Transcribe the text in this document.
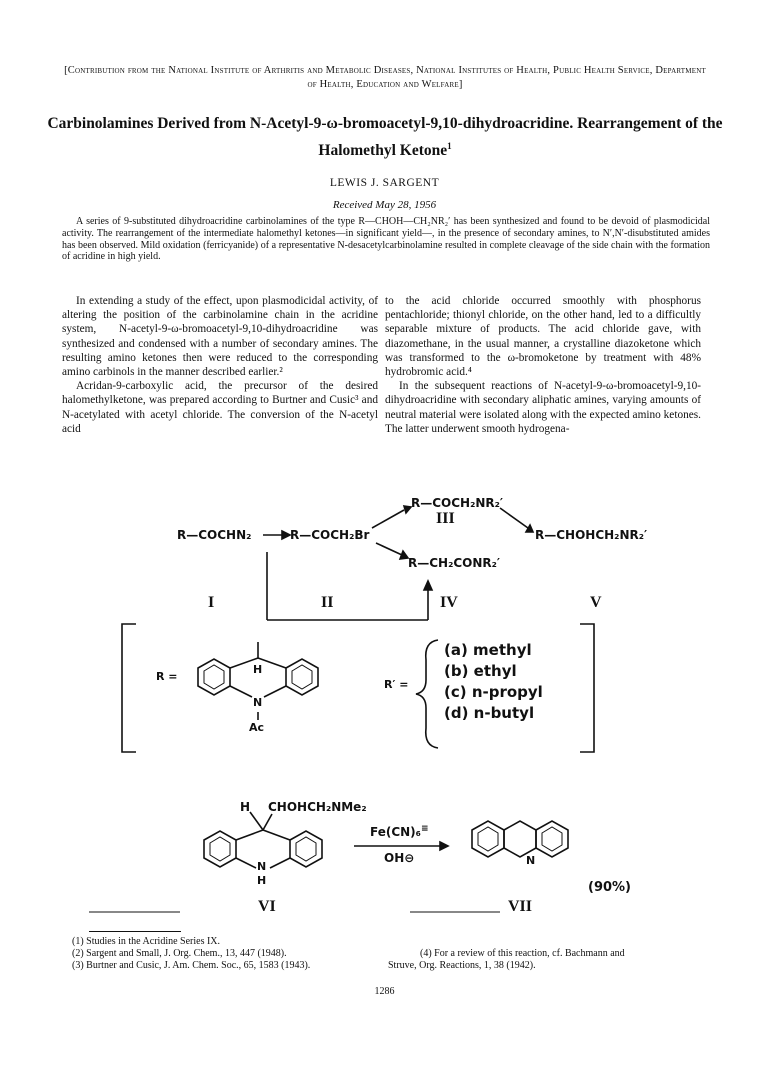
[Contribution from the National Institute of Arthritis and Metabolic Diseases, National Institutes of Health, Public Health Service, Department of Health, Education and Welfare]
Carbinolamines Derived from N-Acetyl-9-ω-bromoacetyl-9,10-dihydroacridine. Rearrangement of the Halomethyl Ketone$^1$
LEWIS J. SARGENT
Received May 28, 1956
A series of 9-substituted dihydroacridine carbinolamines of the type R—CHOH—CH₂NR₂′ has been synthesized and found to be devoid of plasmodicidal activity. The rearrangement of the intermediate halomethyl ketones—in significant yield—, in the presence of secondary amines, to N′,N′-disubstituted amides has been observed. Mild oxidation (ferricyanide) of a representative N-desacetylcarbinolamine resulted in complete cleavage of the side chain with the formation of acridine in high yield.

In extending a study of the effect, upon plasmodicidal activity, of altering the position of the carbinolamine chain in the acridine system, N-acetyl-9-ω-bromoacetyl-9,10-dihydroacridine was synthesized and condensed with a number of secondary amines. The resulting amino ketones then were reduced to the corresponding amino carbinols in the manner described earlier.²

Acridan-9-carboxylic acid, the precursor of the desired halomethylketone, was prepared according to Burtner and Cusic³ and N-acetylated with acetyl chloride. The conversion of the N-acetyl acid

to the acid chloride occurred smoothly with phosphorus pentachloride; thionyl chloride, on the other hand, led to a difficultly separable mixture of products. The acid chloride gave, with diazomethane, in the usual manner, a crystalline diazoketone which was transformed to the ω-bromoketone by treatment with 48% hydrobromic acid.⁴

In the subsequent reactions of N-acetyl-9-ω-bromoacetyl-9,10-dihydroacridine with secondary aliphatic amines, varying amounts of neutral material were isolated along with the expected amino ketones. The latter underwent smooth hydrogena-

R—COCHN₂	R—COCH₂Br
R—COCH₂NR₂′
R—CH₂CONR₂′
R—CHOHCH₂NR₂′
I	II
III
IV	V
R =
H
N
Ac
R′ =
(a) methyl
(b) ethyl
(c) n-propyl
(d) n-butyl
H CHOHCH₂NMe₂
N
H
Fe(CN)₆≡
OH⊖	N
(90%)
VI	VII
(1) Studies in the Acridine Series IX.
(2) Sargent and Small, J. Org. Chem., 13, 447 (1948).
(3) Burtner and Cusic, J. Am. Chem. Soc., 65, 1583 (1943).
(4) For a review of this reaction, cf. Bachmann and
Struve, Org. Reactions, 1, 38 (1942).
1286
